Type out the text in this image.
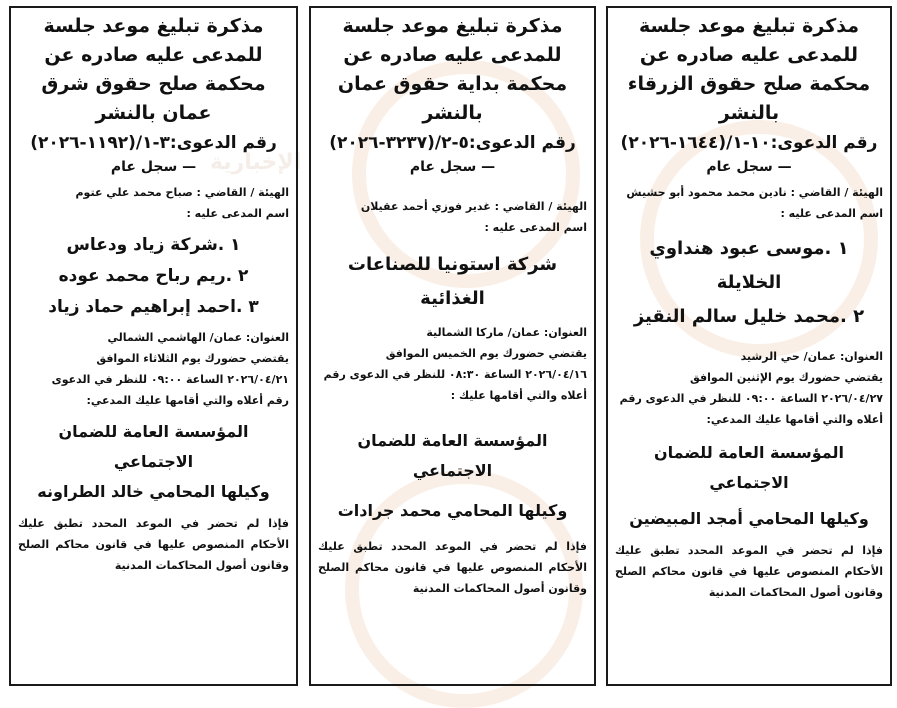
الإخبارية

مذكرة تبليغ موعد جلسة للمدعى عليه صادره عن محكمة صلح حقوق الزرقاء بالنشر

رقم الدعوى:١٠-١/(١٦٤٤-٢٠٢٦)

— سجل عام

الهيئة / القاضي : نادين محمد محمود أبو حشيش

اسم المدعى عليه :

١ .موسى عبود هنداوي الخلايلة

٢ .محمد خليل سالم النقيز

العنوان: عمان/ حي الرشيد

يقتضي حضورك يوم الإثنين الموافق

٢٠٢٦/٠٤/٢٧ الساعة ٠٩:٠٠ للنظر في الدعوى رقم

أعلاه والتي أقامها عليك المدعي:

المؤسسة العامة للضمان الاجتماعي

وكيلها المحامي أمجد المبيضين

فإذا لم تحضر في الموعد المحدد تطبق عليك الأحكام المنصوص عليها في قانون محاكم الصلح وقانون أصول المحاكمات المدنية

مذكرة تبليغ موعد جلسة للمدعى عليه صادره عن محكمة بداية حقوق عمان بالنشر

رقم الدعوى:٥-٢/(٣٢٣٧-٢٠٢٦)

— سجل عام

الهيئة / القاضي : غدير فوزي أحمد عقيلان

اسم المدعى عليه :

شركة استونيا للصناعات الغذائية

العنوان: عمان/ ماركا الشمالية

يقتضي حضورك يوم الخميس الموافق

٢٠٢٦/٠٤/١٦ الساعة ٠٨:٣٠ للنظر في الدعوى رقم

أعلاه والتي أقامها عليك :

المؤسسة العامة للضمان الاجتماعي

وكيلها المحامي محمد جرادات

فإذا لم تحضر في الموعد المحدد تطبق عليك الأحكام المنصوص عليها في قانون محاكم الصلح وقانون أصول المحاكمات المدنية

مذكرة تبليغ موعد جلسة للمدعى عليه صادره عن محكمة صلح حقوق شرق عمان بالنشر

رقم الدعوى:٣-١/(١١٩٢-٢٠٢٦)

— سجل عام

الهيئة / القاضي : صباح محمد علي عتوم

اسم المدعى عليه :

١ .شركة زياد ودعاس

٢ .ريم رباح محمد عوده

٣ .احمد إبراهيم حماد زياد

العنوان: عمان/ الهاشمي الشمالي

يقتضي حضورك يوم الثلاثاء الموافق

٢٠٢٦/٠٤/٢١ الساعة ٠٩:٠٠ للنظر في الدعوى

رقم أعلاه والتي أقامها عليك المدعي:

المؤسسة العامة للضمان الاجتماعي

وكيلها المحامي خالد الطراونه

فإذا لم تحضر في الموعد المحدد تطبق عليك الأحكام المنصوص عليها في قانون محاكم الصلح وقانون أصول المحاكمات المدنية
